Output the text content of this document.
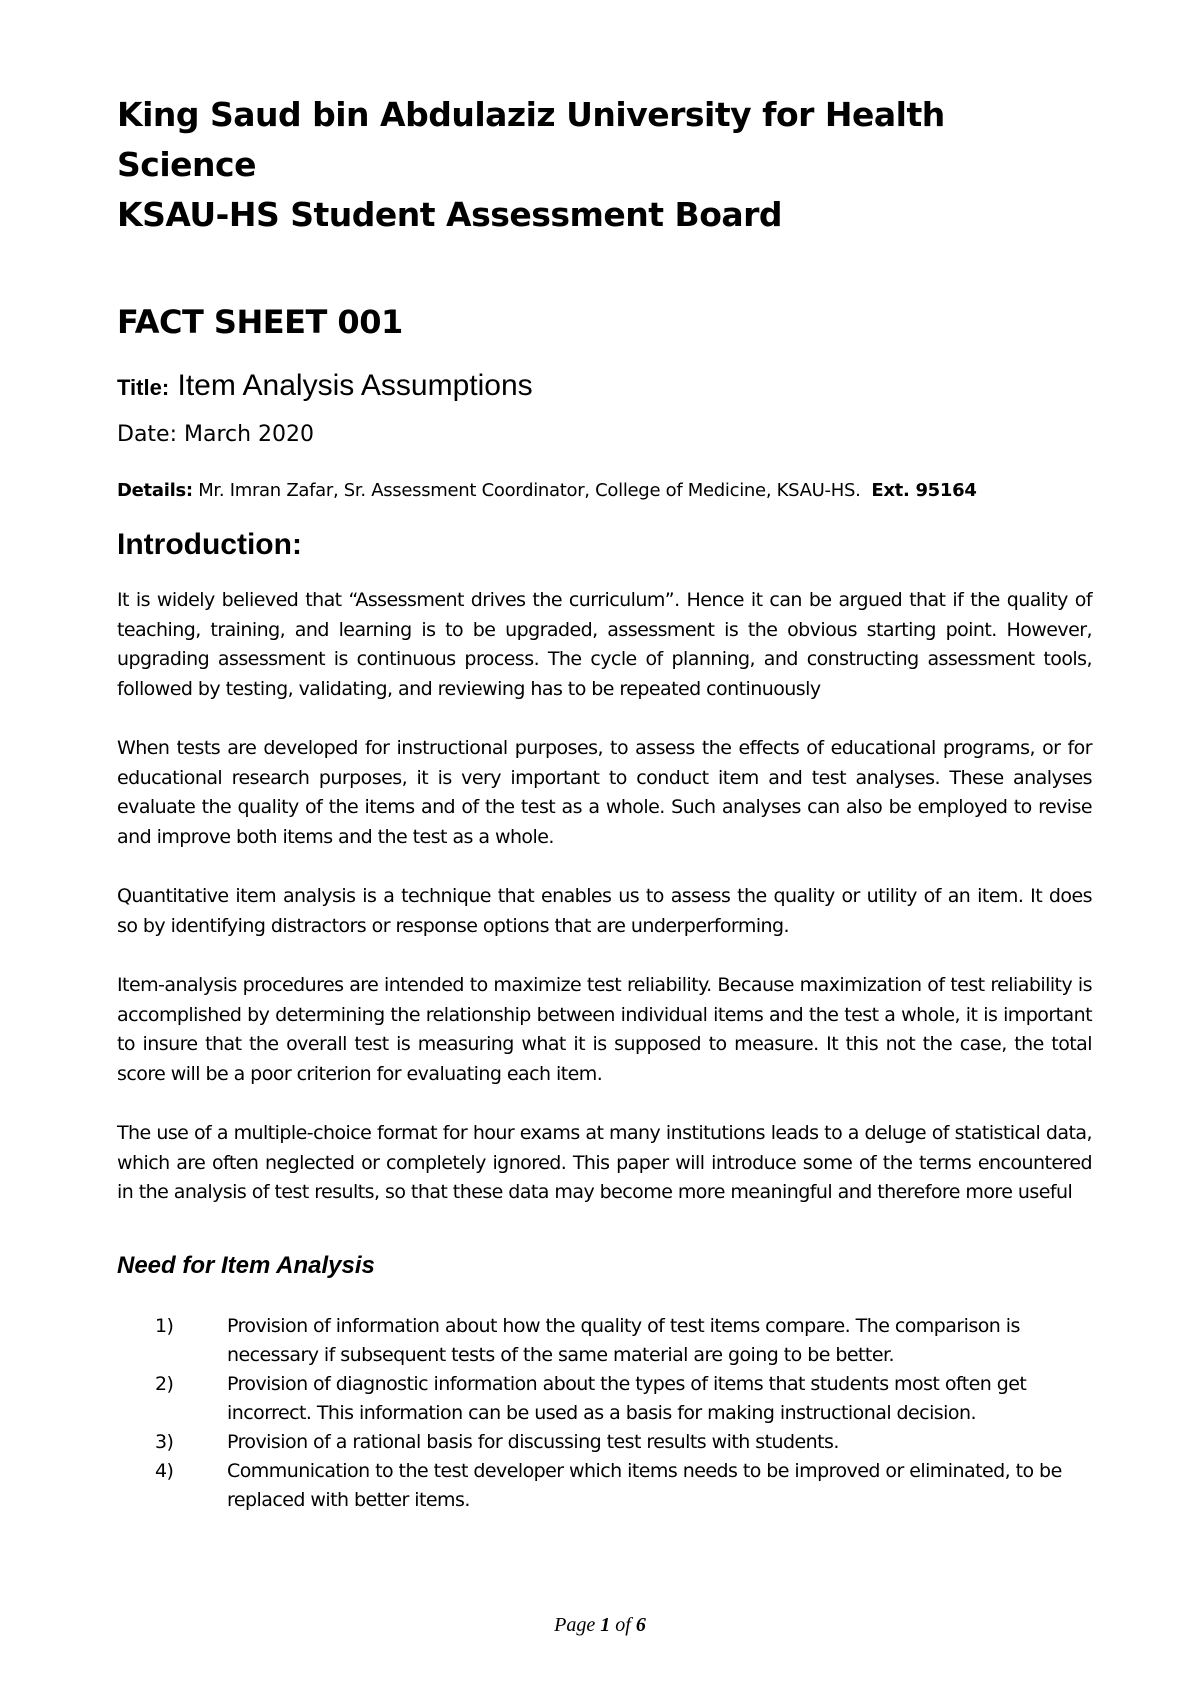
King Saud bin Abdulaziz University for Health Science
KSAU-HS Student Assessment Board
FACT SHEET 001
Title: Item Analysis Assumptions
Date: March 2020
Details: Mr. Imran Zafar, Sr. Assessment Coordinator, College of Medicine, KSAU-HS. Ext. 95164
Introduction:

It is widely believed that “Assessment drives the curriculum”. Hence it can be argued that if the quality of teaching, training, and learning is to be upgraded, assessment is the obvious starting point. However, upgrading assessment is continuous process. The cycle of planning, and constructing assessment tools, followed by testing, validating, and reviewing has to be repeated continuously

When tests are developed for instructional purposes, to assess the effects of educational programs, or for educational research purposes, it is very important to conduct item and test analyses. These analyses evaluate the quality of the items and of the test as a whole. Such analyses can also be employed to revise and improve both items and the test as a whole.

Quantitative item analysis is a technique that enables us to assess the quality or utility of an item. It does so by identifying distractors or response options that are underperforming.

Item-analysis procedures are intended to maximize test reliability. Because maximization of test reliability is accomplished by determining the relationship between individual items and the test a whole, it is important to insure that the overall test is measuring what it is supposed to measure. It this not the case, the total score will be a poor criterion for evaluating each item.

The use of a multiple-choice format for hour exams at many institutions leads to a deluge of statistical data, which are often neglected or completely ignored. This paper will introduce some of the terms encountered in the analysis of test results, so that these data may become more meaningful and therefore more useful

Need for Item Analysis
1)	Provision of information about how the quality of test items compare. The comparison is necessary if subsequent tests of the same material are going to be better.
2)	Provision of diagnostic information about the types of items that students most often get incorrect. This information can be used as a basis for making instructional decision.
3)	Provision of a rational basis for discussing test results with students.
4)	Communication to the test developer which items needs to be improved or eliminated, to be replaced with better items.
Page 1 of 6
